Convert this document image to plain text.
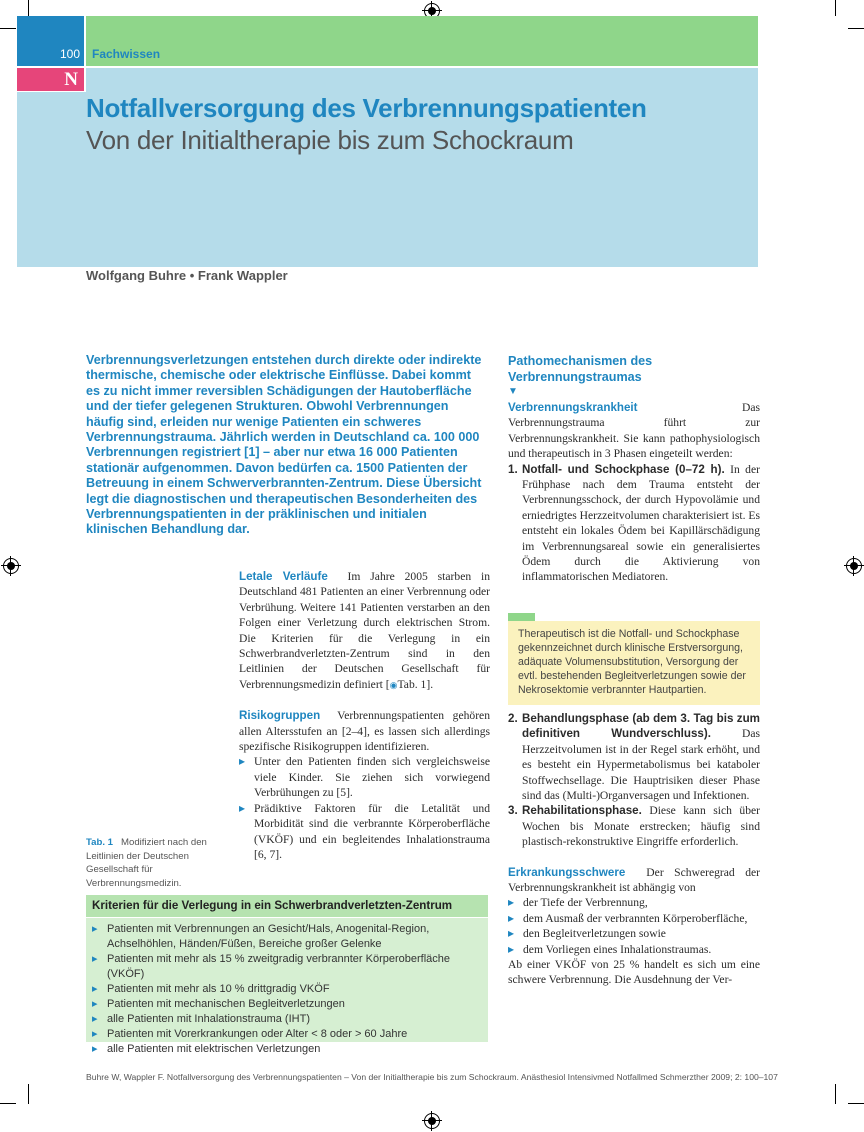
100 Fachwissen
N
Notfallversorgung des Verbrennungspatienten
Von der Initialtherapie bis zum Schockraum
Wolfgang Buhre • Frank Wappler
Verbrennungsverletzungen entstehen durch direkte oder indirekte thermische, chemische oder elektrische Einflüsse. Dabei kommt es zu nicht immer reversiblen Schädigungen der Hautoberfläche und der tiefer gelegenen Strukturen. Obwohl Verbrennungen häufig sind, erleiden nur wenige Patienten ein schweres Verbrennungstrauma. Jährlich werden in Deutschland ca. 100 000 Verbrennungen registriert [1] – aber nur etwa 16 000 Patienten stationär aufgenommen. Davon bedürfen ca. 1500 Patienten der Betreuung in einem Schwerverbrannten-Zentrum. Diese Übersicht legt die diagnostischen und therapeutischen Besonderheiten des Verbrennungspatienten in der präklinischen und initialen klinischen Behandlung dar.

Letale Verläufe Im Jahre 2005 starben in Deutschland 481 Patienten an einer Verbrennung oder Verbrühung. Weitere 141 Patienten verstarben an den Folgen einer Verletzung durch elektrischen Strom. Die Kriterien für die Verlegung in ein Schwerbrandverletzten-Zentrum sind in den Leitlinien der Deutschen Gesellschaft für Verbrennungsmedizin definiert [◉Tab. 1].

Risikogruppen Verbrennungspatienten gehören allen Altersstufen an [2–4], es lassen sich allerdings spezifische Risikogruppen identifizieren.

▸ Unter den Patienten finden sich vergleichsweise viele Kinder. Sie ziehen sich vorwiegend Verbrühungen zu [5].
▸ Prädiktive Faktoren für die Letalität und Morbidität sind die verbrannte Körperoberfläche (VKÖF) und ein begleitendes Inhalationstrauma [6, 7].
Pathomechanismen des Verbrennungstraumas
▼

Verbrennungskrankheit	Das Verbrennungstrauma führt zur Verbrennungskrankheit. Sie kann pathophysiologisch und therapeutisch in 3 Phasen eingeteilt werden:

1. Notfall- und Schockphase (0–72 h). In der Frühphase nach dem Trauma entsteht der Verbrennungsschock, der durch Hypovolämie und erniedrigtes Herzzeitvolumen charakterisiert ist. Es entsteht ein lokales Ödem bei Kapillärschädigung im Verbrennungsareal sowie ein generalisiertes Ödem durch die Aktivierung von inflammatorischen Mediatoren.
2. Behandlungsphase (ab dem 3. Tag bis zum definitiven Wundverschluss).	Das Herzzeitvolumen ist in der Regel stark erhöht, und es besteht ein Hypermetabolismus bei kataboler Stoffwechsellage. Die Hauptrisiken dieser Phase sind das (Multi-)Organversagen und Infektionen.
3. Rehabilitationsphase. Diese kann sich über Wochen bis Monate erstrecken; häufig sind plastisch-rekonstruktive Eingriffe erforderlich.

Erkrankungsschwere Der Schweregrad der Verbrennungskrankheit ist abhängig von

▸ der Tiefe der Verbrennung,
▸ dem Ausmaß der verbrannten Körperoberfläche,
▸ den Begleitverletzungen sowie
▸ dem Vorliegen eines Inhalationstraumas.

Ab einer VKÖF von 25 % handelt es sich um eine schwere Verbrennung. Die Ausdehnung der Ver-

Therapeutisch ist die Notfall- und Schockphase gekennzeichnet durch klinische Erstversorgung, adäquate Volumensubstitution, Versorgung der evtl. bestehenden Begleitverletzungen sowie der Nekrosektomie verbrannter Hautpartien.
Tab. 1 Modifiziert nach den Leitlinien der Deutschen Gesellschaft für Verbrennungsmedizin.
Kriterien für die Verlegung in ein Schwerbrandverletzten-Zentrum
▸ Patienten mit Verbrennungen an Gesicht/Hals, Anogenital-Region, Achselhöhlen, Händen/Füßen, Bereiche großer Gelenke
▸ Patienten mit mehr als 15 % zweitgradig verbrannter Körperoberfläche (VKÖF)
▸ Patienten mit mehr als 10 % drittgradig VKÖF
▸ Patienten mit mechanischen Begleitverletzungen
▸ alle Patienten mit Inhalationstrauma (IHT)
▸ Patienten mit Vorerkrankungen oder Alter < 8 oder > 60 Jahre
▸ alle Patienten mit elektrischen Verletzungen
Buhre W, Wappler F. Notfallversorgung des Verbrennungspatienten – Von der Initialtherapie bis zum Schockraum. Anästhesiol Intensivmed Notfallmed Schmerzther 2009; 2: 100–107
